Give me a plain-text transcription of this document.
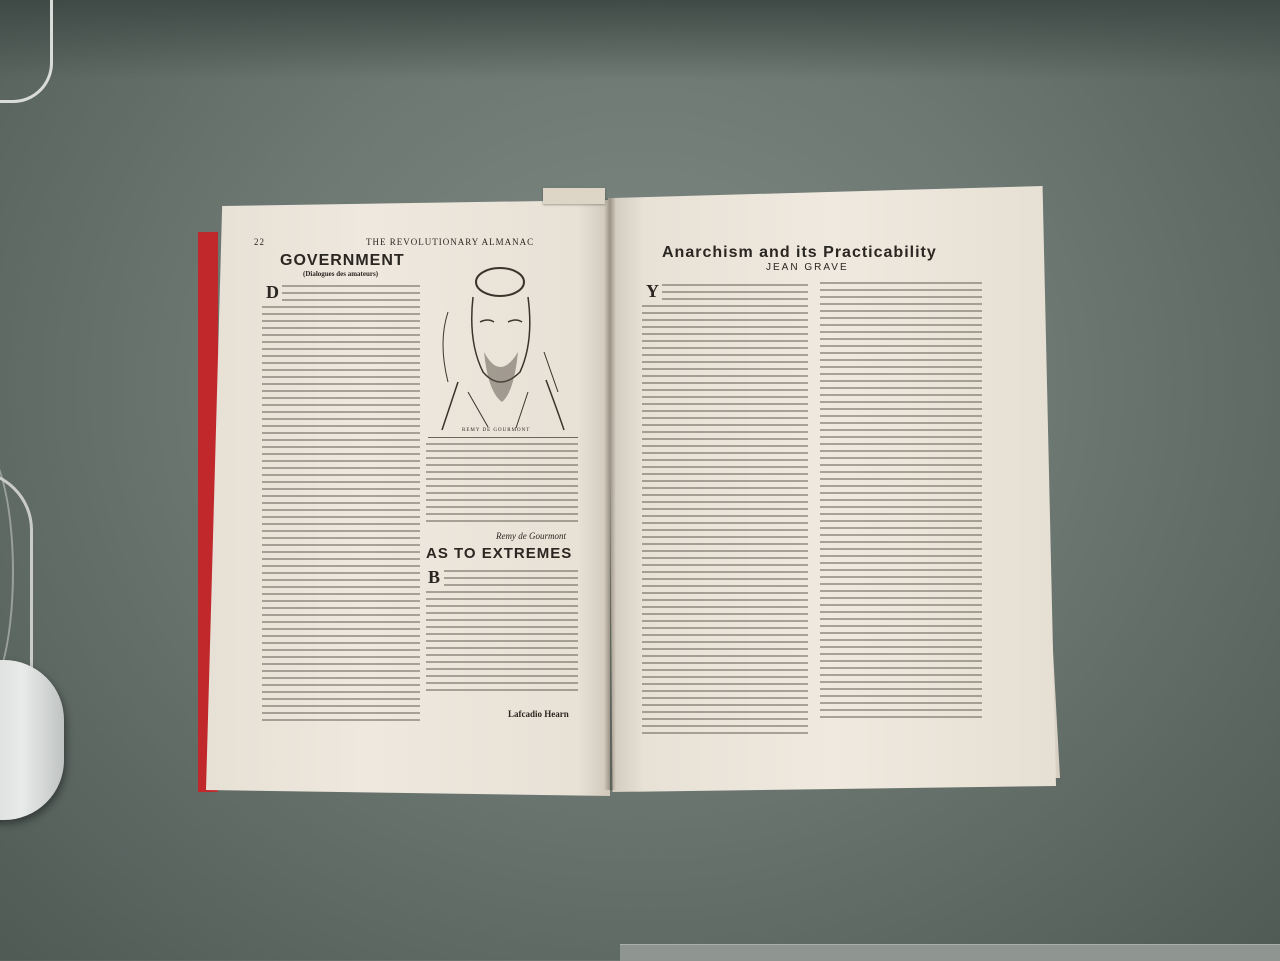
22	THE REVOLUTIONARY ALMANAC
GOVERNMENT
(Dialogues des amateurs)
REMY DE GOURMONT
D
Remy de Gourmont
AS TO EXTREMES
B
Lafcadio Hearn
Anarchism and its Practicability
JEAN GRAVE
Y
